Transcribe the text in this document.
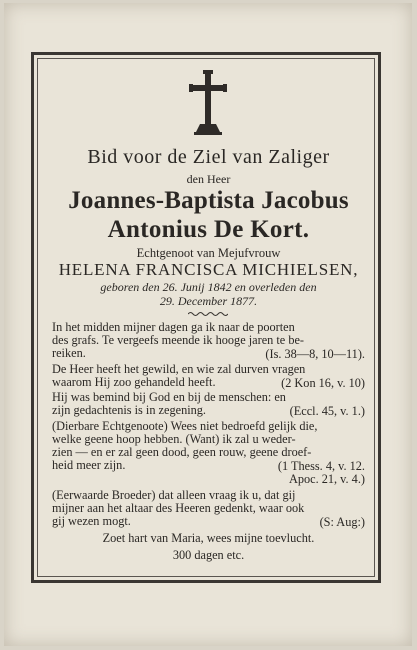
Bid voor de Ziel van Zaliger
den Heer
Joannes-Baptista Jacobus
Antonius De Kort.
Echtgenoot van Mejufvrouw
HELENA FRANCISCA MICHIELSEN,
geboren den 26. Junij 1842 en overleden den
29. December 1877.
In het midden mijner dagen ga ik naar de poorten
des grafs. Te vergeefs meende ik hooge jaren te be-
reiken.	(Is. 38—8, 10—11).
De Heer heeft het gewild, en wie zal durven vragen
waarom Hij zoo gehandeld heeft.	(2 Kon 16, v. 10)
Hij was bemind bij God en bij de menschen: en
zijn gedachtenis is in zegening.	(Eccl. 45, v. 1.)
(Dierbare Echtgenoote) Wees niet bedroefd gelijk die,
welke geene hoop hebben. (Want) ik zal u weder-
zien — en er zal geen dood, geen rouw, geene droef-
heid meer zijn.	(1 Thess. 4, v. 12.
Apoc. 21, v. 4.)
(Eerwaarde Broeder) dat alleen vraag ik u, dat gij
mijner aan het altaar des Heeren gedenkt, waar ook
gij wezen mogt.	(S: Aug:)
Zoet hart van Maria, wees mijne toevlucht.
300 dagen etc.
